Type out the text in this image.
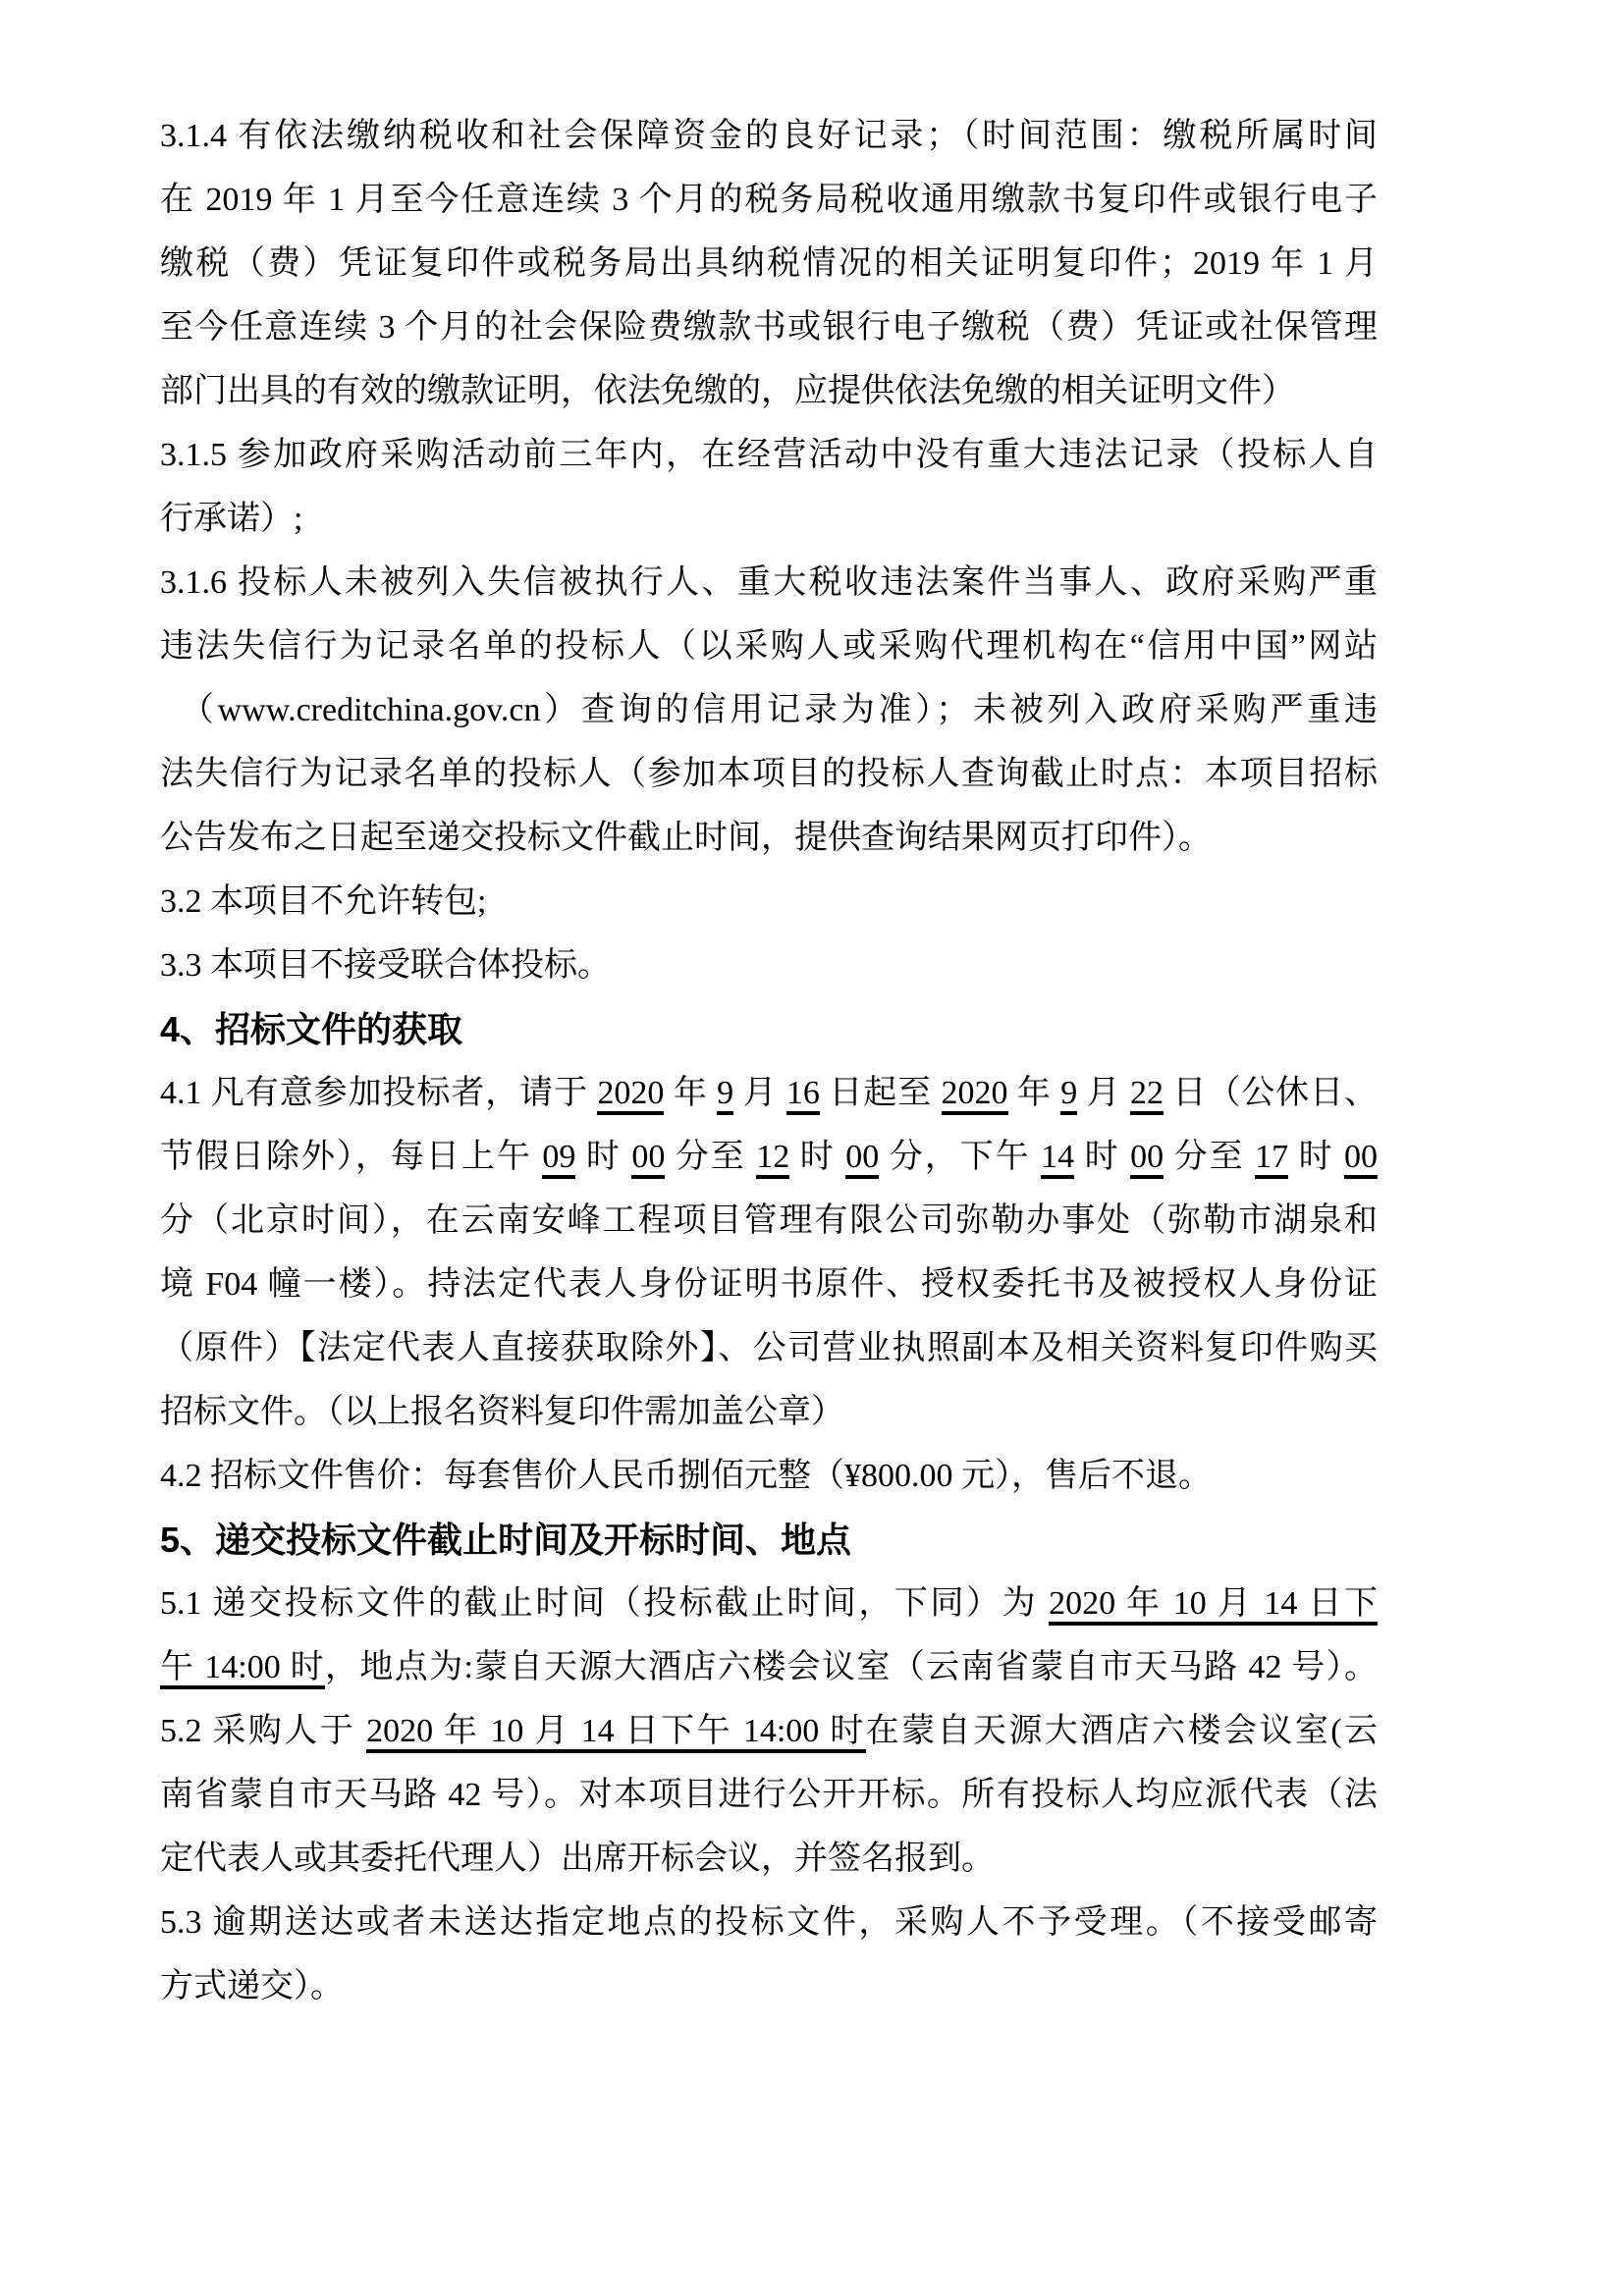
3.1.4 有依法缴纳税收和社会保障资金的良好记录；（时间范围：缴税所属时间
在 2019 年 1 月至今任意连续 3 个月的税务局税收通用缴款书复印件或银行电子
缴税（费）凭证复印件或税务局出具纳税情况的相关证明复印件；2019 年 1 月
至今任意连续 3 个月的社会保险费缴款书或银行电子缴税（费）凭证或社保管理
部门出具的有效的缴款证明，依法免缴的，应提供依法免缴的相关证明文件）
3.1.5 参加政府采购活动前三年内，在经营活动中没有重大违法记录（投标人自
行承诺）;
3.1.6 投标人未被列入失信被执行人、重大税收违法案件当事人、政府采购严重
违法失信行为记录名单的投标人（以采购人或采购代理机构在“信用中国”网站
　（www.creditchina.gov.cn）查询的信用记录为准）；未被列入政府采购严重违
法失信行为记录名单的投标人（参加本项目的投标人查询截止时点：本项目招标
公告发布之日起至递交投标文件截止时间，提供查询结果网页打印件）。
3.2 本项目不允许转包;
3.3 本项目不接受联合体投标。
4、招标文件的获取
4.1 凡有意参加投标者，请于 2020 年 9 月 16 日起至 2020 年 9 月 22 日（公休日、
节假日除外），每日上午 09 时 00 分至 12 时 00 分，下午 14 时 00 分至 17 时 00
分（北京时间），在云南安峰工程项目管理有限公司弥勒办事处（弥勒市湖泉和
境 F04 幢一楼）。持法定代表人身份证明书原件、授权委托书及被授权人身份证
（原件）【法定代表人直接获取除外】、公司营业执照副本及相关资料复印件购买
招标文件。（以上报名资料复印件需加盖公章）
4.2 招标文件售价：每套售价人民币捌佰元整（¥800.00 元），售后不退。
5、递交投标文件截止时间及开标时间、地点
5.1 递交投标文件的截止时间（投标截止时间，下同）为 2020 年 10 月 14 日下
午 14:00 时，地点为:蒙自天源大酒店六楼会议室（云南省蒙自市天马路 42 号）。
5.2 采购人于 2020 年 10 月 14 日下午 14:00 时在蒙自天源大酒店六楼会议室(云
南省蒙自市天马路 42 号）。对本项目进行公开开标。所有投标人均应派代表（法
定代表人或其委托代理人）出席开标会议，并签名报到。
5.3 逾期送达或者未送达指定地点的投标文件，采购人不予受理。（不接受邮寄
方式递交）。
